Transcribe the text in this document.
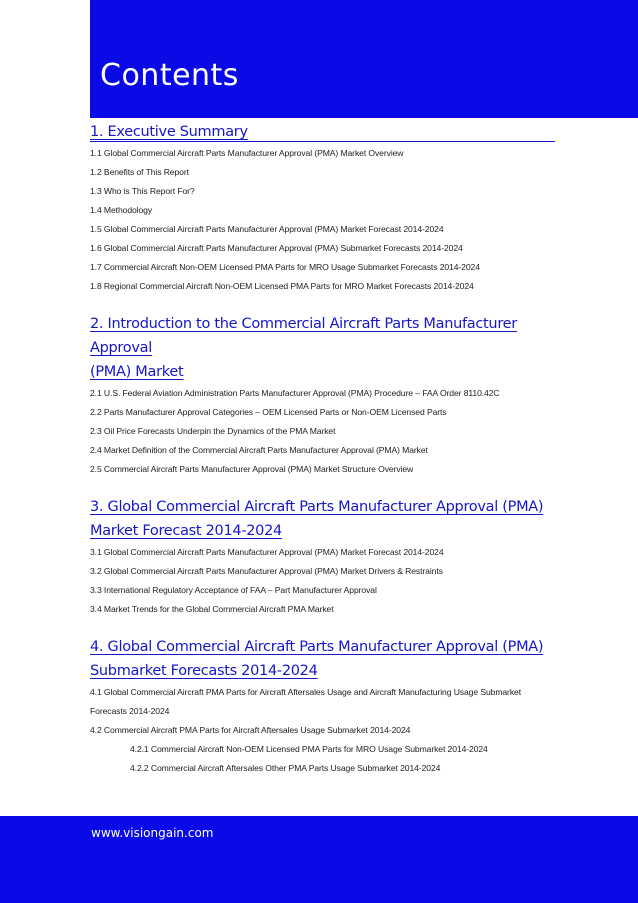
Contents
1. Executive Summary
1.1 Global Commercial Aircraft Parts Manufacturer Approval (PMA) Market Overview
1.2 Benefits of This Report
1.3 Who is This Report For?
1.4 Methodology
1.5 Global Commercial Aircraft Parts Manufacturer Approval (PMA) Market Forecast 2014-2024
1.6 Global Commercial Aircraft Parts Manufacturer Approval (PMA) Submarket Forecasts 2014-2024
1.7 Commercial Aircraft Non-OEM Licensed PMA Parts for MRO Usage Submarket Forecasts 2014-2024
1.8 Regional Commercial Aircraft Non-OEM Licensed PMA Parts for MRO Market Forecasts 2014-2024
2. Introduction to the Commercial Aircraft Parts Manufacturer Approval
(PMA) Market
2.1 U.S. Federal Aviation Administration Parts Manufacturer Approval (PMA) Procedure – FAA Order 8110.42C
2.2 Parts Manufacturer Approval Categories – OEM Licensed Parts or Non-OEM Licensed Parts
2.3 Oil Price Forecasts Underpin the Dynamics of the PMA Market
2.4 Market Definition of the Commercial Aircraft Parts Manufacturer Approval (PMA) Market
2.5 Commercial Aircraft Parts Manufacturer Approval (PMA) Market Structure Overview
3. Global Commercial Aircraft Parts Manufacturer Approval (PMA)
Market Forecast 2014-2024
3.1 Global Commercial Aircraft Parts Manufacturer Approval (PMA) Market Forecast 2014-2024
3.2 Global Commercial Aircraft Parts Manufacturer Approval (PMA) Market Drivers & Restraints
3.3 International Regulatory Acceptance of FAA – Part Manufacturer Approval
3.4 Market Trends for the Global Commercial Aircraft PMA Market
4. Global Commercial Aircraft Parts Manufacturer Approval (PMA)
Submarket Forecasts 2014-2024
4.1 Global Commercial Aircraft PMA Parts for Aircraft Aftersales Usage and Aircraft Manufacturing Usage Submarket Forecasts 2014-2024
4.2 Commercial Aircraft PMA Parts for Aircraft Aftersales Usage Submarket 2014-2024
4.2.1 Commercial Aircraft Non-OEM Licensed PMA Parts for MRO Usage Submarket 2014-2024
4.2.2 Commercial Aircraft Aftersales Other PMA Parts Usage Submarket 2014-2024
www.visiongain.com
